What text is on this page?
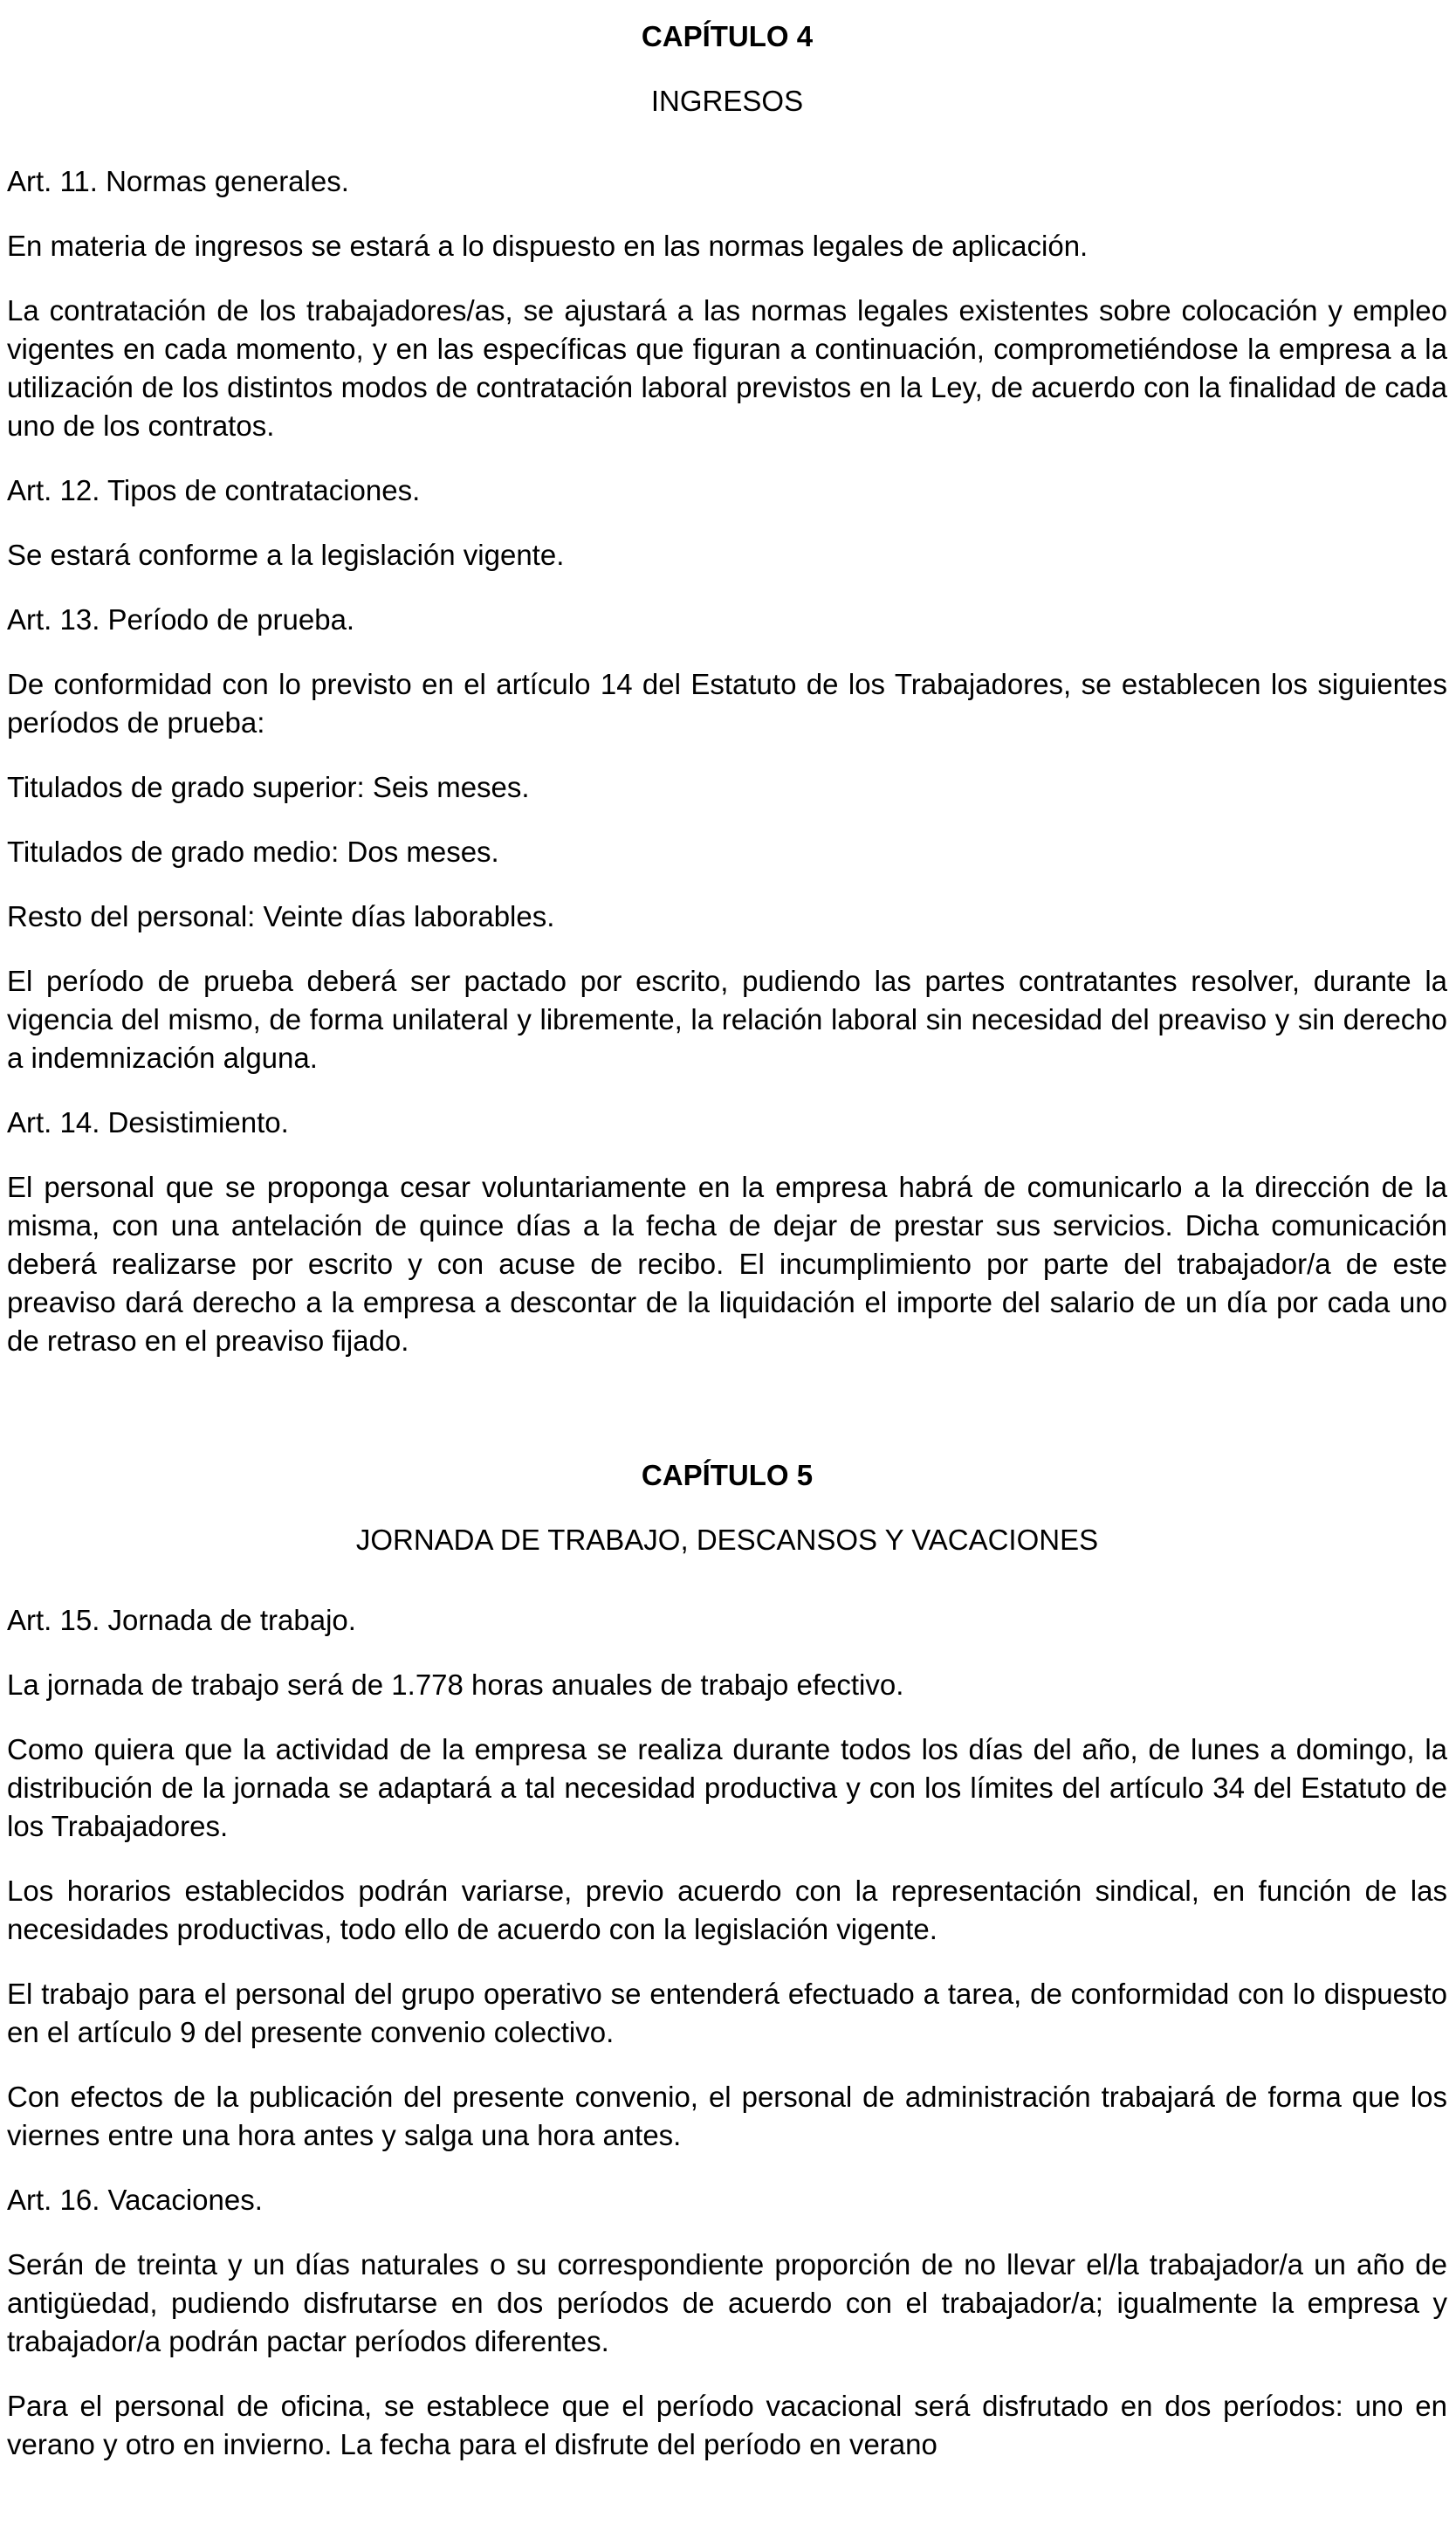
CAPÍTULO 4
INGRESOS
Art. 11. Normas generales.
En materia de ingresos se estará a lo dispuesto en las normas legales de aplicación.
La contratación de los trabajadores/as, se ajustará a las normas legales existentes sobre colocación y empleo vigentes en cada momento, y en las específicas que figuran a continuación, comprometiéndose la empresa a la utilización de los distintos modos de contratación laboral previstos en la Ley, de acuerdo con la finalidad de cada uno de los contratos.
Art. 12. Tipos de contrataciones.
Se estará conforme a la legislación vigente.
Art. 13. Período de prueba.
De conformidad con lo previsto en el artículo 14 del Estatuto de los Trabajadores, se establecen los siguientes períodos de prueba:
Titulados de grado superior: Seis meses.
Titulados de grado medio: Dos meses.
Resto del personal: Veinte días laborables.
El período de prueba deberá ser pactado por escrito, pudiendo las partes contratantes resolver, durante la vigencia del mismo, de forma unilateral y libremente, la relación laboral sin necesidad del preaviso y sin derecho a indemnización alguna.
Art. 14. Desistimiento.
El personal que se proponga cesar voluntariamente en la empresa habrá de comunicarlo a la dirección de la misma, con una antelación de quince días a la fecha de dejar de prestar sus servicios. Dicha comunicación deberá realizarse por escrito y con acuse de recibo. El incumplimiento por parte del trabajador/a de este preaviso dará derecho a la empresa a descontar de la liquidación el importe del salario de un día por cada uno de retraso en el preaviso fijado.
CAPÍTULO 5
JORNADA DE TRABAJO, DESCANSOS Y VACACIONES
Art. 15. Jornada de trabajo.
La jornada de trabajo será de 1.778 horas anuales de trabajo efectivo.
Como quiera que la actividad de la empresa se realiza durante todos los días del año, de lunes a domingo, la distribución de la jornada se adaptará a tal necesidad productiva y con los límites del artículo 34 del Estatuto de los Trabajadores.
Los horarios establecidos podrán variarse, previo acuerdo con la representación sindical, en función de las necesidades productivas, todo ello de acuerdo con la legislación vigente.
El trabajo para el personal del grupo operativo se entenderá efectuado a tarea, de conformidad con lo dispuesto en el artículo 9 del presente convenio colectivo.
Con efectos de la publicación del presente convenio, el personal de administración trabajará de forma que los viernes entre una hora antes y salga una hora antes.
Art. 16. Vacaciones.
Serán de treinta y un días naturales o su correspondiente proporción de no llevar el/la trabajador/a un año de antigüedad, pudiendo disfrutarse en dos períodos de acuerdo con el trabajador/a; igualmente la empresa y trabajador/a podrán pactar períodos diferentes.
Para el personal de oficina, se establece que el período vacacional será disfrutado en dos períodos: uno en verano y otro en invierno. La fecha para el disfrute del período en verano
